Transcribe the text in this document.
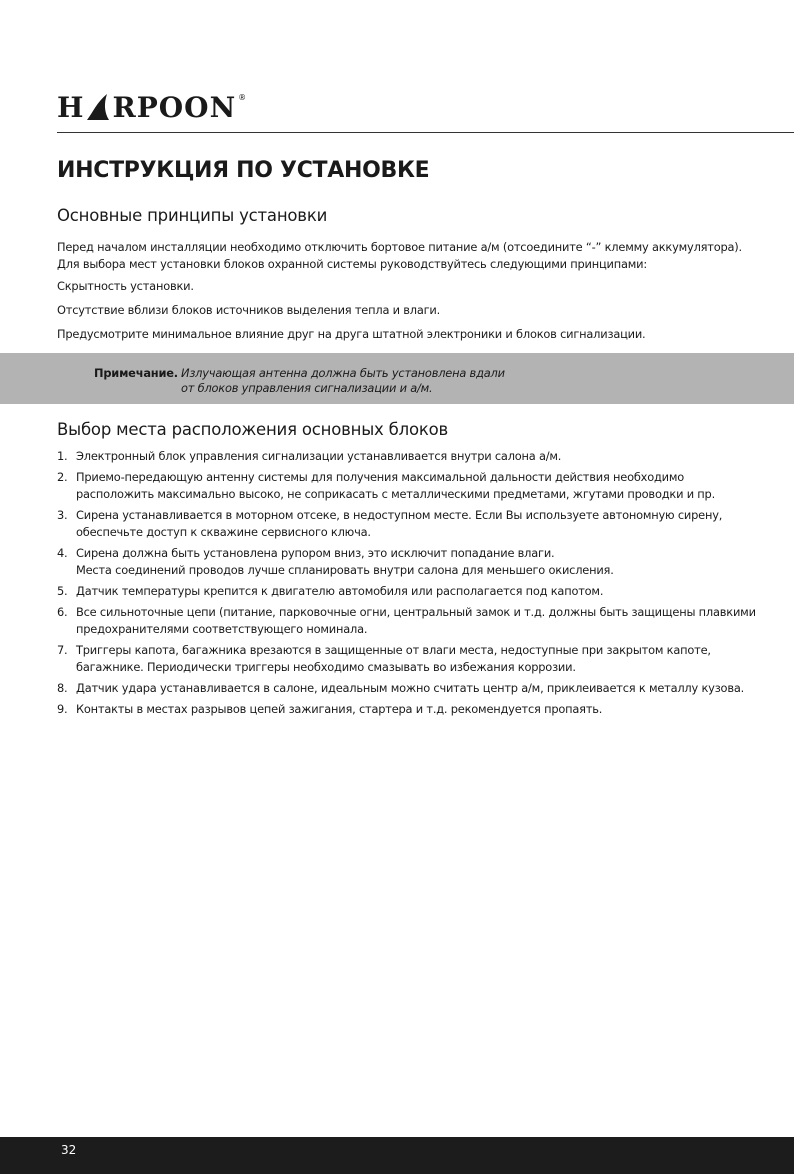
H RPOON ®
ИНСТРУКЦИЯ ПО УСТАНОВКЕ
Основные принципы установки

Перед началом инсталляции необходимо отключить бортовое питание а/м (отсоедините “-” клемму аккумулятора).

Для выбора мест установки блоков охранной системы руководствуйтесь следующими принципами:

Скрытность установки.

Отсутствие вблизи блоков источников выделения тепла и влаги.

Предусмотрите минимальное влияние друг на друга штатной электроники и блоков сигнализации.

Примечание. Излучающая антенна должна быть установлена вдали
от блоков управления сигнализации и а/м.
Выбор места расположения основных блоков
1. Электронный блок управления сигнализации устанавливается внутри салона а/м.
2. Приемо-передающую антенну системы для получения максимальной дальности действия необходимо
расположить максимально высоко, не соприкасать с металлическими предметами, жгутами проводки и пр.
3. Сирена устанавливается в моторном отсеке, в недоступном месте. Если Вы используете автономную сирену,
обеспечьте доступ к скважине сервисного ключа.
4. Сирена должна быть установлена рупором вниз, это исключит попадание влаги.
Места соединений проводов лучше спланировать внутри салона для меньшего окисления.
5. Датчик температуры крепится к двигателю автомобиля или располагается под капотом.
6. Все сильноточные цепи (питание, парковочные огни, центральный замок и т.д. должны быть защищены плавкими
предохранителями соответствующего номинала.
7. Триггеры капота, багажника врезаются в защищенные от влаги места, недоступные при закрытом капоте,
багажнике. Периодически триггеры необходимо смазывать во избежания коррозии.
8. Датчик удара устанавливается в салоне, идеальным можно считать центр а/м, приклеивается к металлу кузова.
9. Контакты в местах разрывов цепей зажигания, стартера и т.д. рекомендуется пропаять.
32
